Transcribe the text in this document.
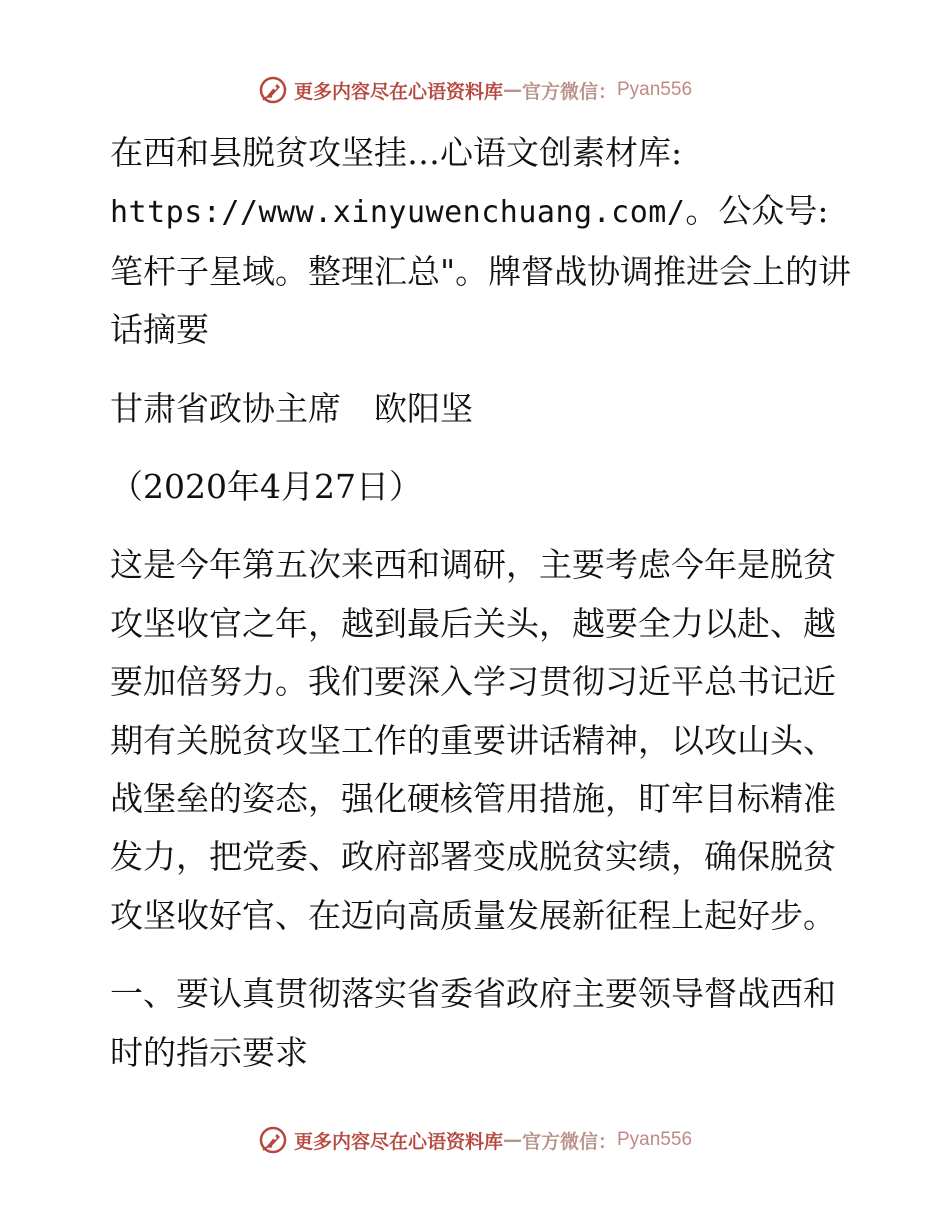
更多内容尽在心语资料库 — 官方微信： Pyan556

在西和县脱贫攻坚挂…心语文创素材库:
https://www.xinyuwenchuang.com/。公众号: 笔杆子星域。整理汇总"。牌督战协调推进会上的讲话摘要

甘肃省政协主席　欧阳坚

（2020年4月27日）

这是今年第五次来西和调研，主要考虑今年是脱贫攻坚收官之年，越到最后关头，越要全力以赴、越要加倍努力。我们要深入学习贯彻习近平总书记近期有关脱贫攻坚工作的重要讲话精神，以攻山头、战堡垒的姿态，强化硬核管用措施，盯牢目标精准发力，把党委、政府部署变成脱贫实绩，确保脱贫攻坚收好官、在迈向高质量发展新征程上起好步。

一、要认真贯彻落实省委省政府主要领导督战西和时的指示要求

更多内容尽在心语资料库 — 官方微信： Pyan556
